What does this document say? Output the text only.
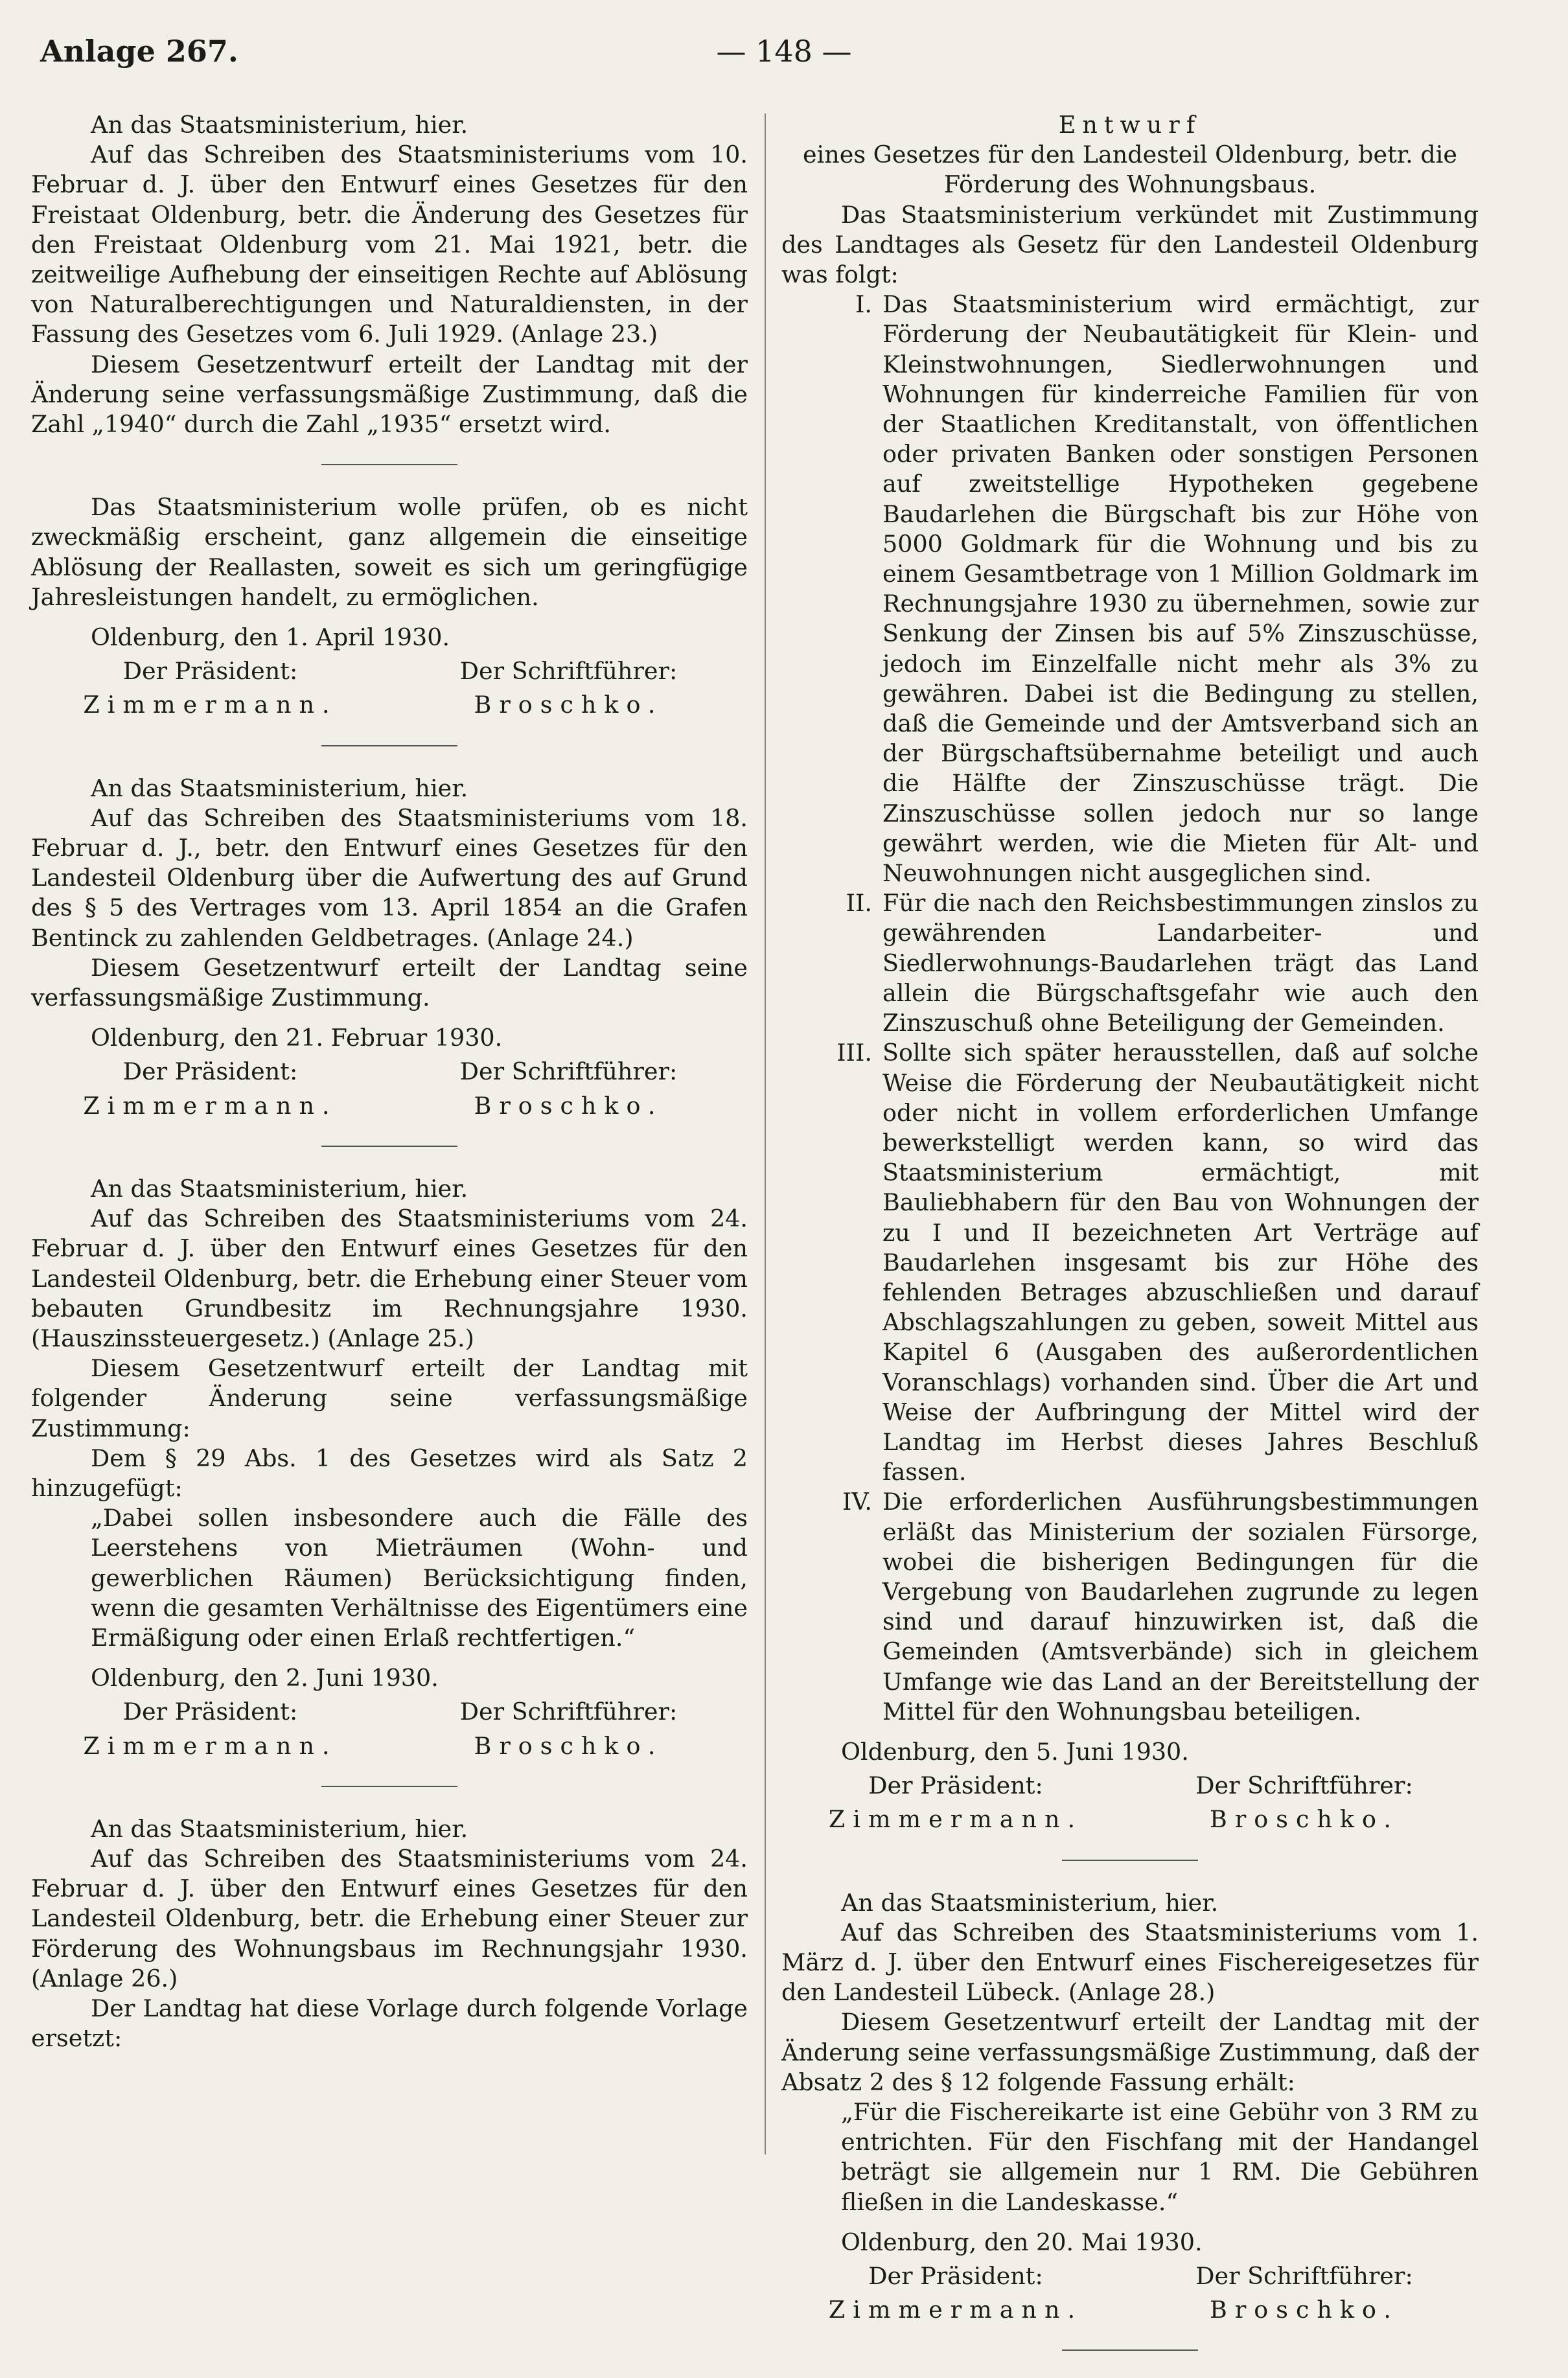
Anlage 267.	— 148 —

An das Staatsministerium, hier.

Auf das Schreiben des Staatsministeriums vom 10. Februar d. J. über den Entwurf eines Gesetzes für den Freistaat Oldenburg, betr. die Änderung des Gesetzes für den Freistaat Oldenburg vom 21. Mai 1921, betr. die zeitweilige Aufhebung der einseitigen Rechte auf Ablösung von Naturalberechtigungen und Naturaldiensten, in der Fassung des Gesetzes vom 6. Juli 1929. (Anlage 23.)

Diesem Gesetzentwurf erteilt der Landtag mit der Änderung seine verfassungsmäßige Zustimmung, daß die Zahl „1940“ durch die Zahl „1935“ ersetzt wird.

Das Staatsministerium wolle prüfen, ob es nicht zweckmäßig erscheint, ganz allgemein die einseitige Ablösung der Reallasten, soweit es sich um geringfügige Jahresleistungen handelt, zu ermöglichen.

Oldenburg, den 1. April 1930.

Der Präsident:	Der Schriftführer:
Zimmermann.	Broschko.

An das Staatsministerium, hier.

Auf das Schreiben des Staatsministeriums vom 18. Februar d. J., betr. den Entwurf eines Gesetzes für den Landesteil Oldenburg über die Aufwertung des auf Grund des § 5 des Vertrages vom 13. April 1854 an die Grafen Bentinck zu zahlenden Geldbetrages. (Anlage 24.)

Diesem Gesetzentwurf erteilt der Landtag seine verfassungsmäßige Zustimmung.

Oldenburg, den 21. Februar 1930.

Der Präsident:	Der Schriftführer:
Zimmermann.	Broschko.

An das Staatsministerium, hier.

Auf das Schreiben des Staatsministeriums vom 24. Februar d. J. über den Entwurf eines Gesetzes für den Landesteil Oldenburg, betr. die Erhebung einer Steuer vom bebauten Grundbesitz im Rechnungsjahre 1930. (Hauszinssteuergesetz.) (Anlage 25.)

Diesem Gesetzentwurf erteilt der Landtag mit folgender Änderung seine verfassungsmäßige Zustimmung:

Dem § 29 Abs. 1 des Gesetzes wird als Satz 2 hinzugefügt:

„Dabei sollen insbesondere auch die Fälle des Leerstehens von Mieträumen (Wohn- und gewerblichen Räumen) Berücksichtigung finden, wenn die gesamten Verhältnisse des Eigentümers eine Ermäßigung oder einen Erlaß rechtfertigen.“

Oldenburg, den 2. Juni 1930.

Der Präsident:	Der Schriftführer:
Zimmermann.	Broschko.

An das Staatsministerium, hier.

Auf das Schreiben des Staatsministeriums vom 24. Februar d. J. über den Entwurf eines Gesetzes für den Landesteil Oldenburg, betr. die Erhebung einer Steuer zur Förderung des Wohnungsbaus im Rechnungsjahr 1930. (Anlage 26.)

Der Landtag hat diese Vorlage durch folgende Vorlage ersetzt:

Entwurf

eines Gesetzes für den Landesteil Oldenburg, betr. die Förderung des Wohnungsbaus.

Das Staatsministerium verkündet mit Zustimmung des Landtages als Gesetz für den Landesteil Oldenburg was folgt:

I. Das Staatsministerium wird ermächtigt, zur Förderung der Neubautätigkeit für Klein- und Kleinstwohnungen, Siedlerwohnungen und Wohnungen für kinderreiche Familien für von der Staatlichen Kreditanstalt, von öffentlichen oder privaten Banken oder sonstigen Personen auf zweitstellige Hypotheken gegebene Baudarlehen die Bürgschaft bis zur Höhe von 5000 Goldmark für die Wohnung und bis zu einem Gesamtbetrage von 1 Million Goldmark im Rechnungsjahre 1930 zu übernehmen, sowie zur Senkung der Zinsen bis auf 5% Zinszuschüsse, jedoch im Einzelfalle nicht mehr als 3% zu gewähren. Dabei ist die Bedingung zu stellen, daß die Gemeinde und der Amtsverband sich an der Bürgschaftsübernahme beteiligt und auch die Hälfte der Zinszuschüsse trägt. Die Zinszuschüsse sollen jedoch nur so lange gewährt werden, wie die Mieten für Alt- und Neuwohnungen nicht ausgeglichen sind.
II. Für die nach den Reichsbestimmungen zinslos zu gewährenden Landarbeiter- und Siedlerwohnungs-Baudarlehen trägt das Land allein die Bürgschaftsgefahr wie auch den Zinszuschuß ohne Beteiligung der Gemeinden.
III. Sollte sich später herausstellen, daß auf solche Weise die Förderung der Neubautätigkeit nicht oder nicht in vollem erforderlichen Umfange bewerkstelligt werden kann, so wird das Staatsministerium ermächtigt, mit Bauliebhabern für den Bau von Wohnungen der zu I und II bezeichneten Art Verträge auf Baudarlehen insgesamt bis zur Höhe des fehlenden Betrages abzuschließen und darauf Abschlagszahlungen zu geben, soweit Mittel aus Kapitel 6 (Ausgaben des außerordentlichen Voranschlags) vorhanden sind. Über die Art und Weise der Aufbringung der Mittel wird der Landtag im Herbst dieses Jahres Beschluß fassen.
IV. Die erforderlichen Ausführungsbestimmungen erläßt das Ministerium der sozialen Fürsorge, wobei die bisherigen Bedingungen für die Vergebung von Baudarlehen zugrunde zu legen sind und darauf hinzuwirken ist, daß die Gemeinden (Amtsverbände) sich in gleichem Umfange wie das Land an der Bereitstellung der Mittel für den Wohnungsbau beteiligen.

Oldenburg, den 5. Juni 1930.

Der Präsident:	Der Schriftführer:
Zimmermann.	Broschko.

An das Staatsministerium, hier.

Auf das Schreiben des Staatsministeriums vom 1. März d. J. über den Entwurf eines Fischereigesetzes für den Landesteil Lübeck. (Anlage 28.)

Diesem Gesetzentwurf erteilt der Landtag mit der Änderung seine verfassungsmäßige Zustimmung, daß der Absatz 2 des § 12 folgende Fassung erhält:

„Für die Fischereikarte ist eine Gebühr von 3 RM zu entrichten. Für den Fischfang mit der Handangel beträgt sie allgemein nur 1 RM. Die Gebühren fließen in die Landeskasse.“

Oldenburg, den 20. Mai 1930.

Der Präsident:	Der Schriftführer:
Zimmermann.	Broschko.
